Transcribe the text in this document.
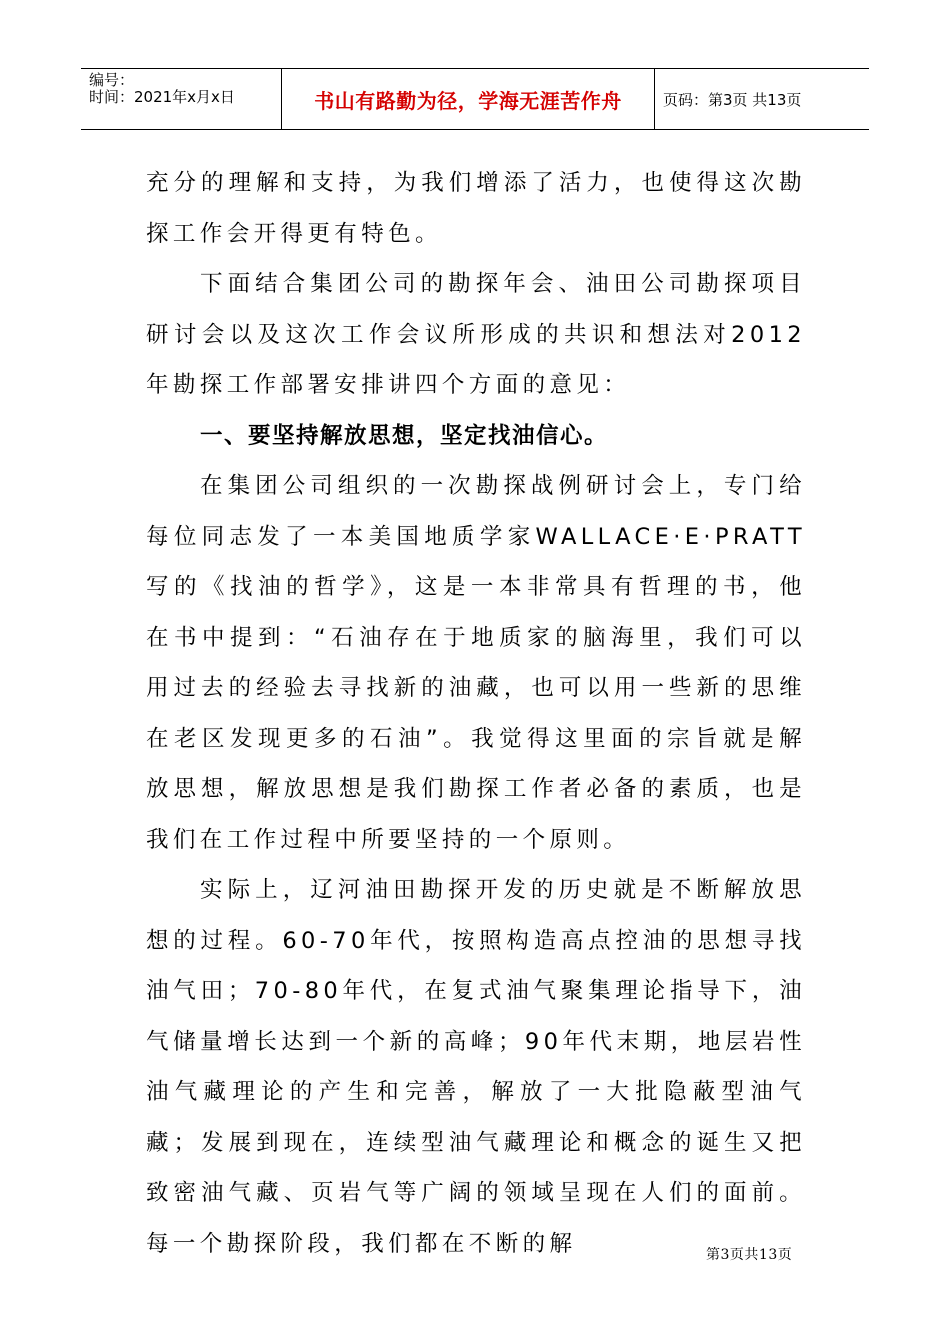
编号：
时间：2021年x月x日	书山有路勤为径，学海无涯苦作舟	页码：第3页 共13页

充分的理解和支持，为我们增添了活力，也使得这次勘探工作会开得更有特色。

下面结合集团公司的勘探年会、油田公司勘探项目研讨会以及这次工作会议所形成的共识和想法对2012年勘探工作部署安排讲四个方面的意见：

一、要坚持解放思想，坚定找油信心。

在集团公司组织的一次勘探战例研讨会上，专门给每位同志发了一本美国地质学家WALLACE·E·PRATT写的《找油的哲学》，这是一本非常具有哲理的书，他在书中提到：“石油存在于地质家的脑海里，我们可以用过去的经验去寻找新的油藏，也可以用一些新的思维在老区发现更多的石油”。我觉得这里面的宗旨就是解放思想，解放思想是我们勘探工作者必备的素质，也是我们在工作过程中所要坚持的一个原则。

实际上，辽河油田勘探开发的历史就是不断解放思想的过程。60-70年代，按照构造高点控油的思想寻找油气田；70-80年代，在复式油气聚集理论指导下，油气储量增长达到一个新的高峰；90年代末期，地层岩性油气藏理论的产生和完善，解放了一大批隐蔽型油气藏；发展到现在，连续型油气藏理论和概念的诞生又把致密油气藏、页岩气等广阔的领域呈现在人们的面前。每一个勘探阶段，我们都在不断的解	第3页共13页
